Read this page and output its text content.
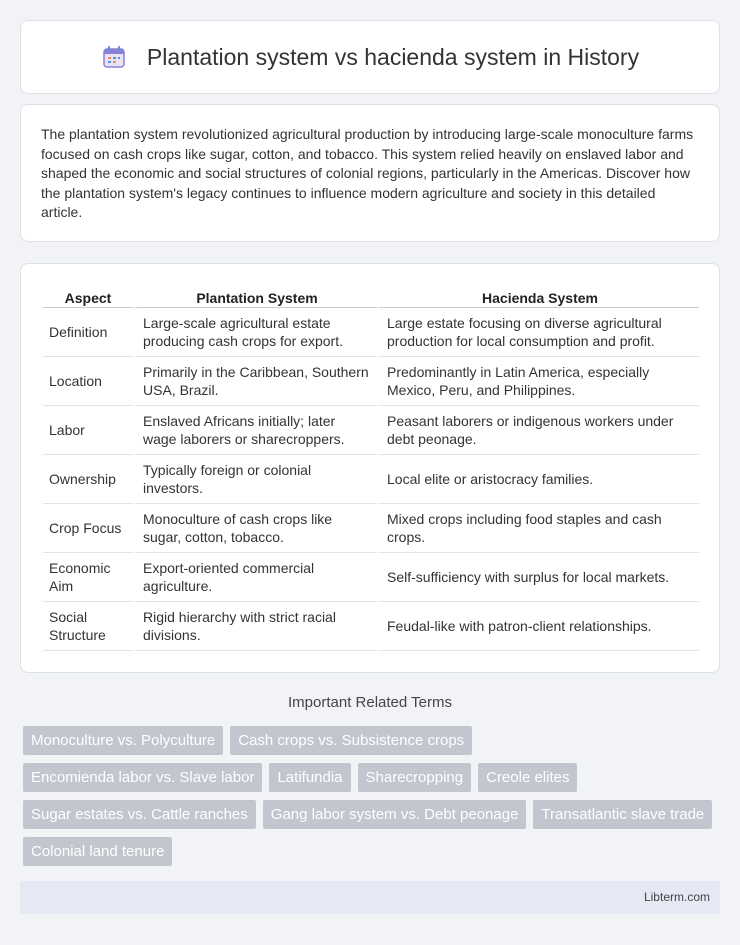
Plantation system vs hacienda system in History

The plantation system revolutionized agricultural production by introducing large-scale monoculture farms focused on cash crops like sugar, cotton, and tobacco. This system relied heavily on enslaved labor and shaped the economic and social structures of colonial regions, particularly in the Americas. Discover how the plantation system's legacy continues to influence modern agriculture and society in this detailed article.

Aspect	Plantation System	Hacienda System
Definition	Large-scale agricultural estate producing cash crops for export.	Large estate focusing on diverse agricultural production for local consumption and profit.
Location	Primarily in the Caribbean, Southern USA, Brazil.	Predominantly in Latin America, especially Mexico, Peru, and Philippines.
Labor	Enslaved Africans initially; later wage laborers or sharecroppers.	Peasant laborers or indigenous workers under debt peonage.
Ownership	Typically foreign or colonial investors.	Local elite or aristocracy families.
Crop Focus	Monoculture of cash crops like sugar, cotton, tobacco.	Mixed crops including food staples and cash crops.
Economic Aim	Export-oriented commercial agriculture.	Self-sufficiency with surplus for local markets.
Social Structure	Rigid hierarchy with strict racial divisions.	Feudal-like with patron-client relationships.
Important Related Terms
Monoculture vs. Polyculture	Cash crops vs. Subsistence crops
Encomienda labor vs. Slave labor	Latifundia	Sharecropping	Creole elites
Sugar estates vs. Cattle ranches	Gang labor system vs. Debt peonage	Transatlantic slave trade
Colonial land tenure
Libterm.com
